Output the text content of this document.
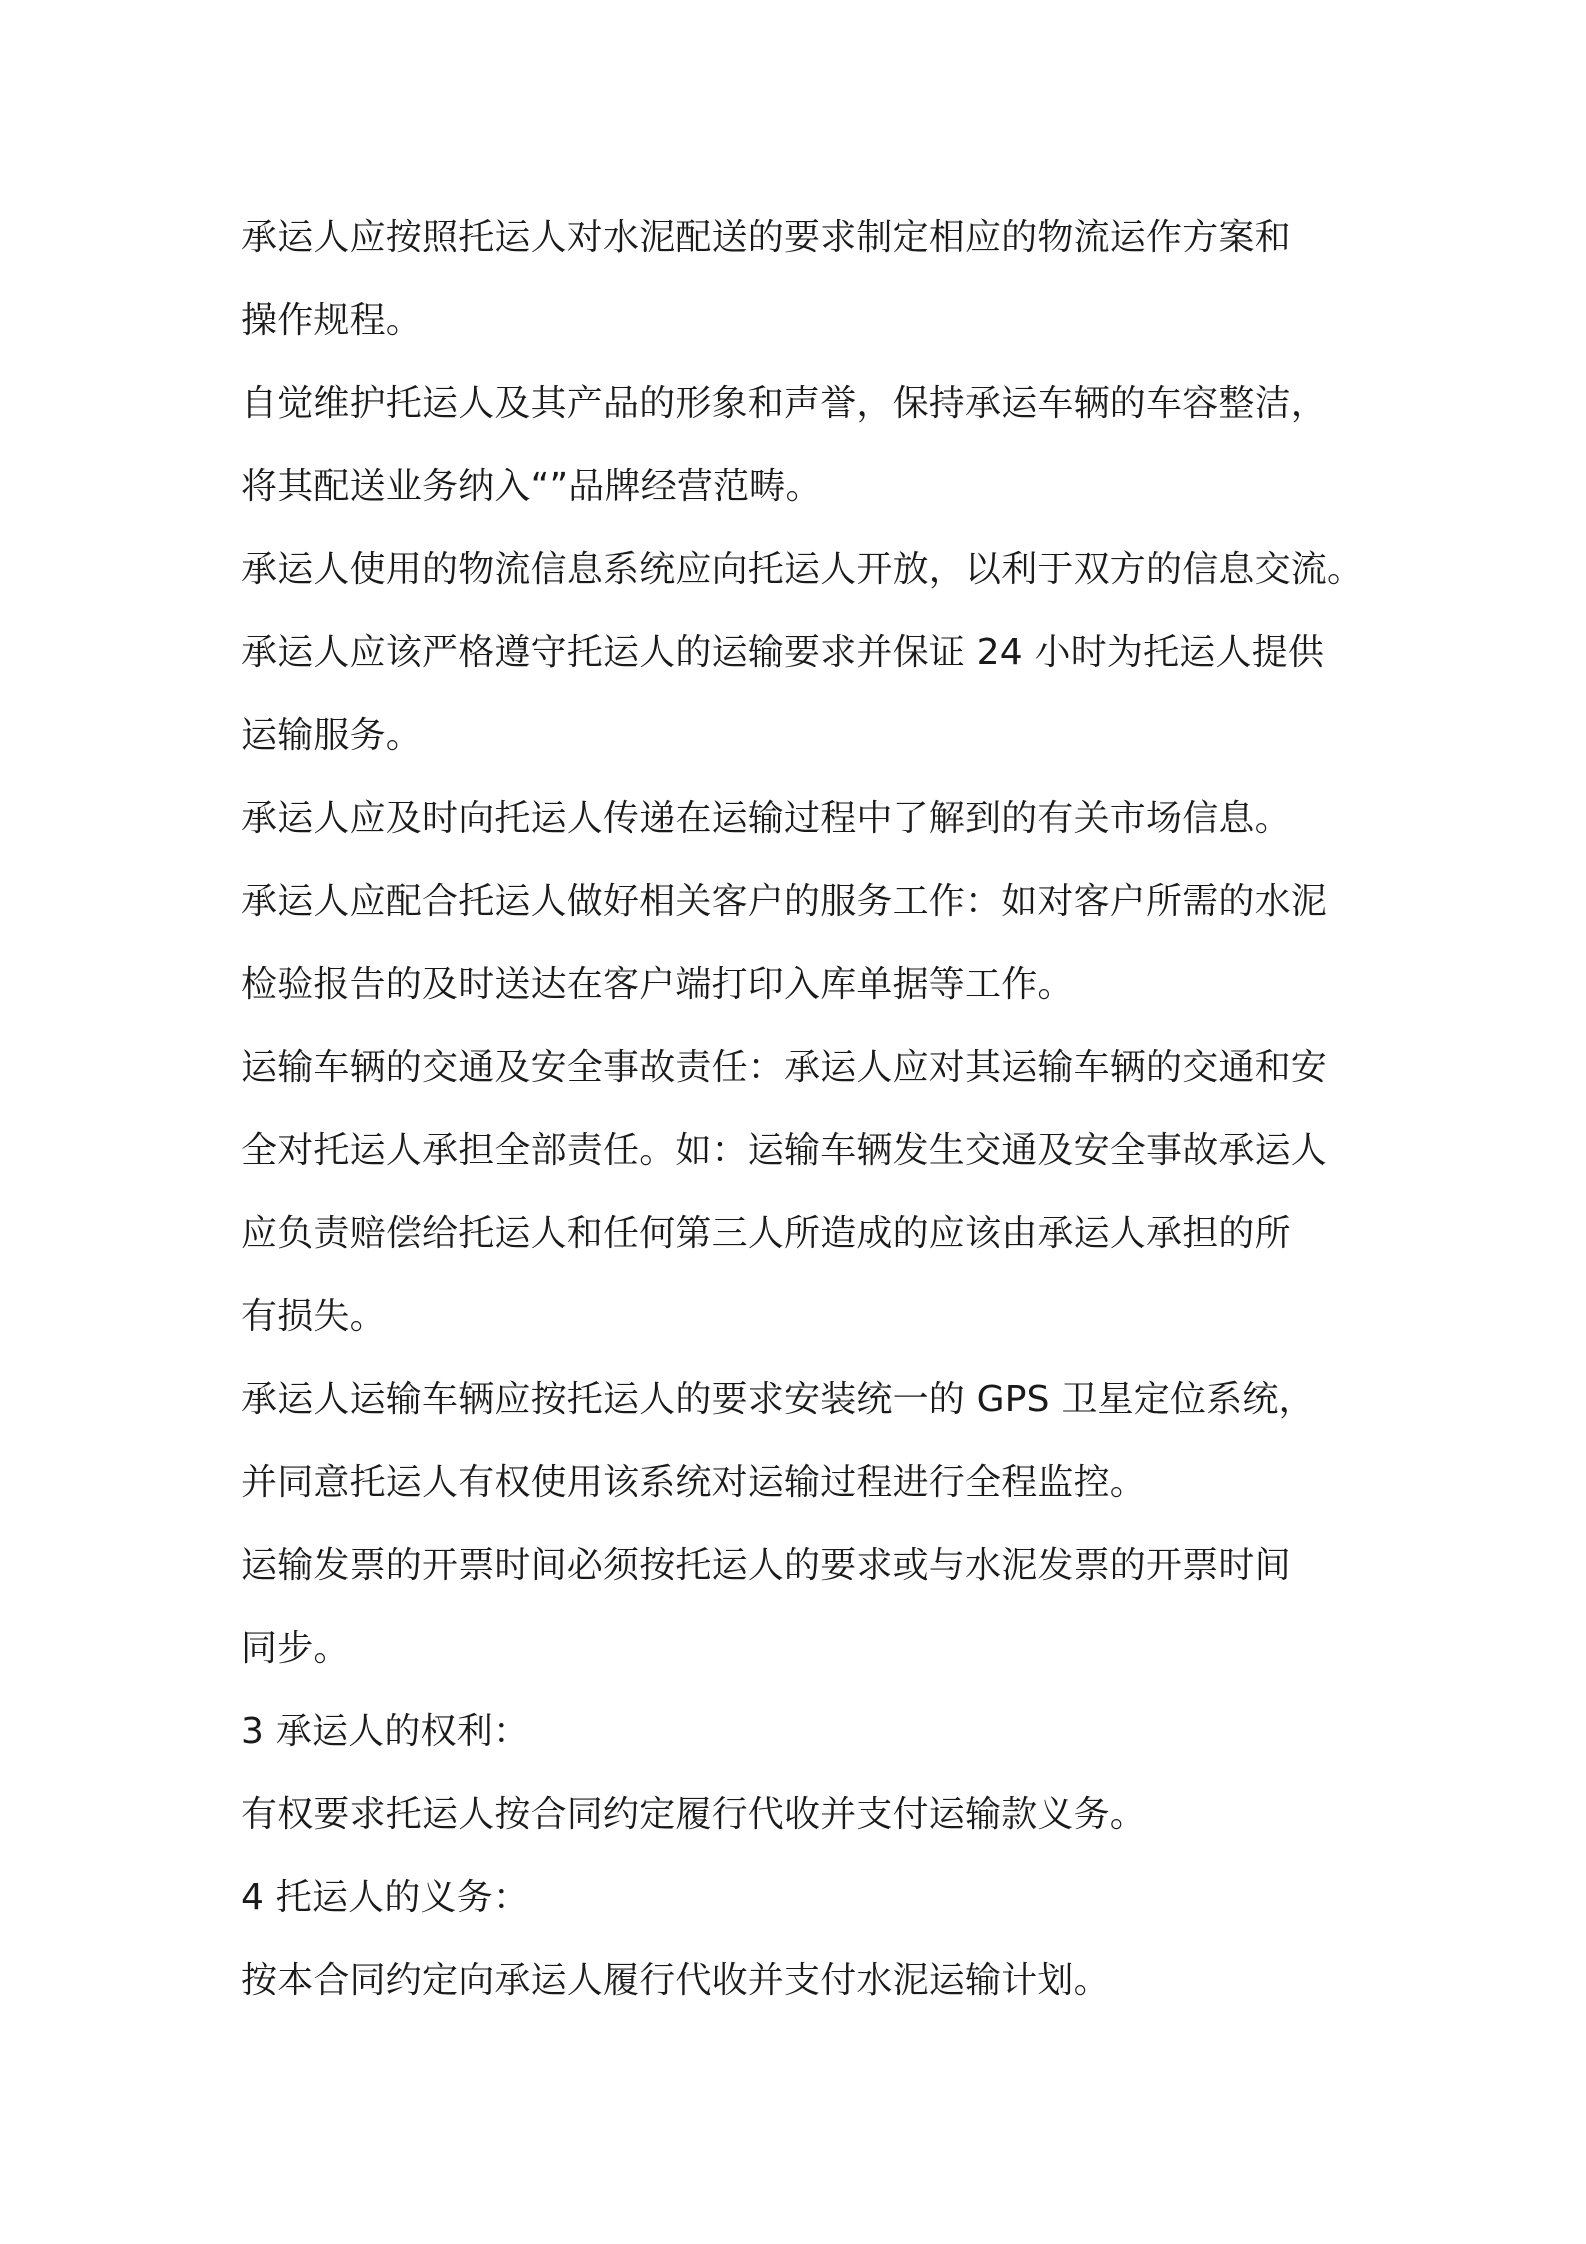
承运人应按照托运人对水泥配送的要求制定相应的物流运作方案和
操作规程。
自觉维护托运人及其产品的形象和声誉，保持承运车辆的车容整洁，
将其配送业务纳入“”品牌经营范畴。
承运人使用的物流信息系统应向托运人开放，以利于双方的信息交流。
承运人应该严格遵守托运人的运输要求并保证 24 小时为托运人提供
运输服务。
承运人应及时向托运人传递在运输过程中了解到的有关市场信息。
承运人应配合托运人做好相关客户的服务工作：如对客户所需的水泥
检验报告的及时送达在客户端打印入库单据等工作。
运输车辆的交通及安全事故责任：承运人应对其运输车辆的交通和安
全对托运人承担全部责任。如：运输车辆发生交通及安全事故承运人
应负责赔偿给托运人和任何第三人所造成的应该由承运人承担的所
有损失。
承运人运输车辆应按托运人的要求安装统一的 GPS 卫星定位系统，
并同意托运人有权使用该系统对运输过程进行全程监控。
运输发票的开票时间必须按托运人的要求或与水泥发票的开票时间
同步。
3 承运人的权利：
有权要求托运人按合同约定履行代收并支付运输款义务。
4 托运人的义务：
按本合同约定向承运人履行代收并支付水泥运输计划。
